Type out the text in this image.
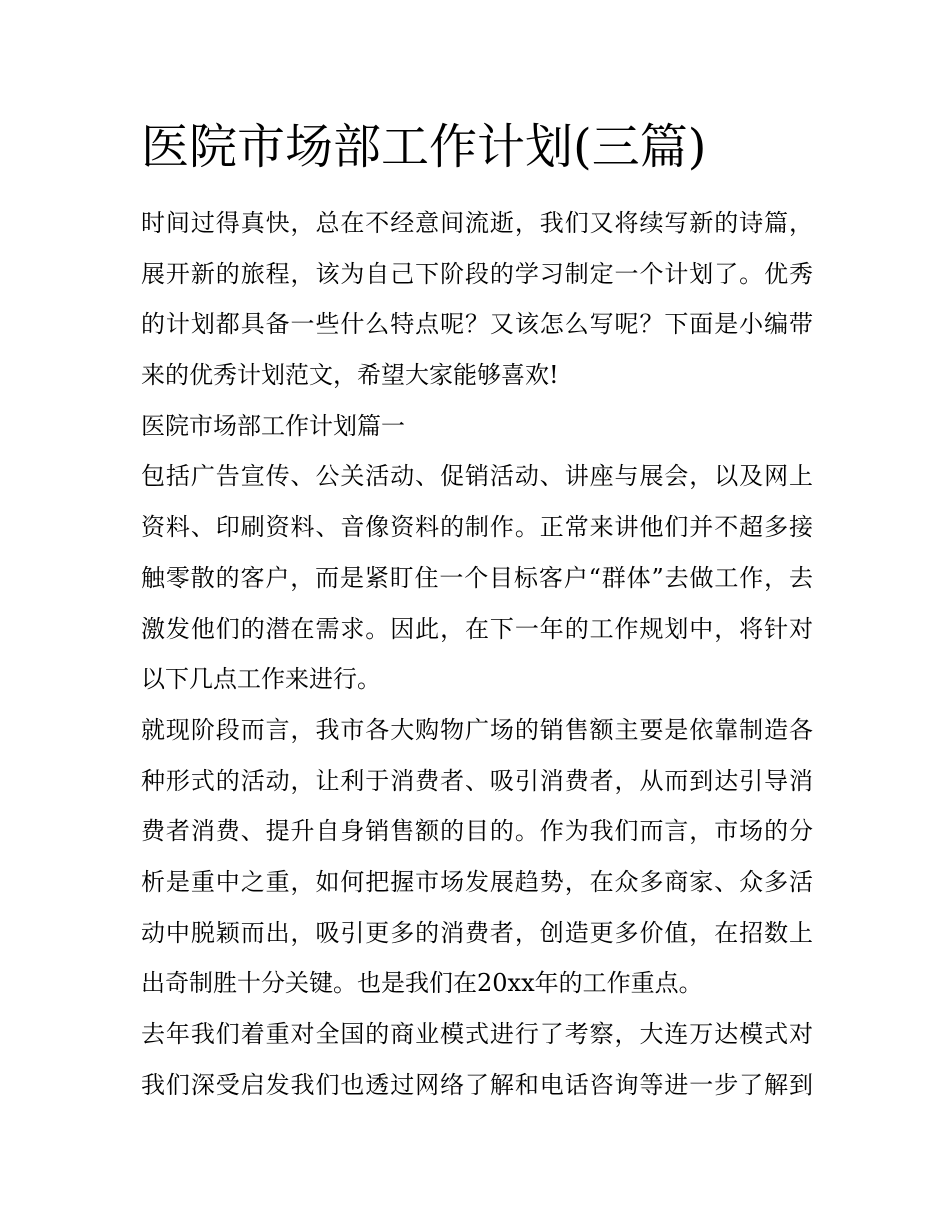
医院市场部工作计划(三篇)
时间过得真快，总在不经意间流逝，我们又将续写新的诗篇，
展开新的旅程，该为自己下阶段的学习制定一个计划了。优秀
的计划都具备一些什么特点呢？又该怎么写呢？下面是小编带
来的优秀计划范文，希望大家能够喜欢!
医院市场部工作计划篇一
包括广告宣传、公关活动、促销活动、讲座与展会，以及网上
资料、印刷资料、音像资料的制作。正常来讲他们并不超多接
触零散的客户，而是紧盯住一个目标客户“群体”去做工作，去
激发他们的潜在需求。因此，在下一年的工作规划中，将针对
以下几点工作来进行。
就现阶段而言，我市各大购物广场的销售额主要是依靠制造各
种形式的活动，让利于消费者、吸引消费者，从而到达引导消
费者消费、提升自身销售额的目的。作为我们而言，市场的分
析是重中之重，如何把握市场发展趋势，在众多商家、众多活
动中脱颖而出，吸引更多的消费者，创造更多价值，在招数上
出奇制胜十分关键。也是我们在20xx年的工作重点。
去年我们着重对全国的商业模式进行了考察，大连万达模式对
我们深受启发我们也透过网络了解和电话咨询等进一步了解到
